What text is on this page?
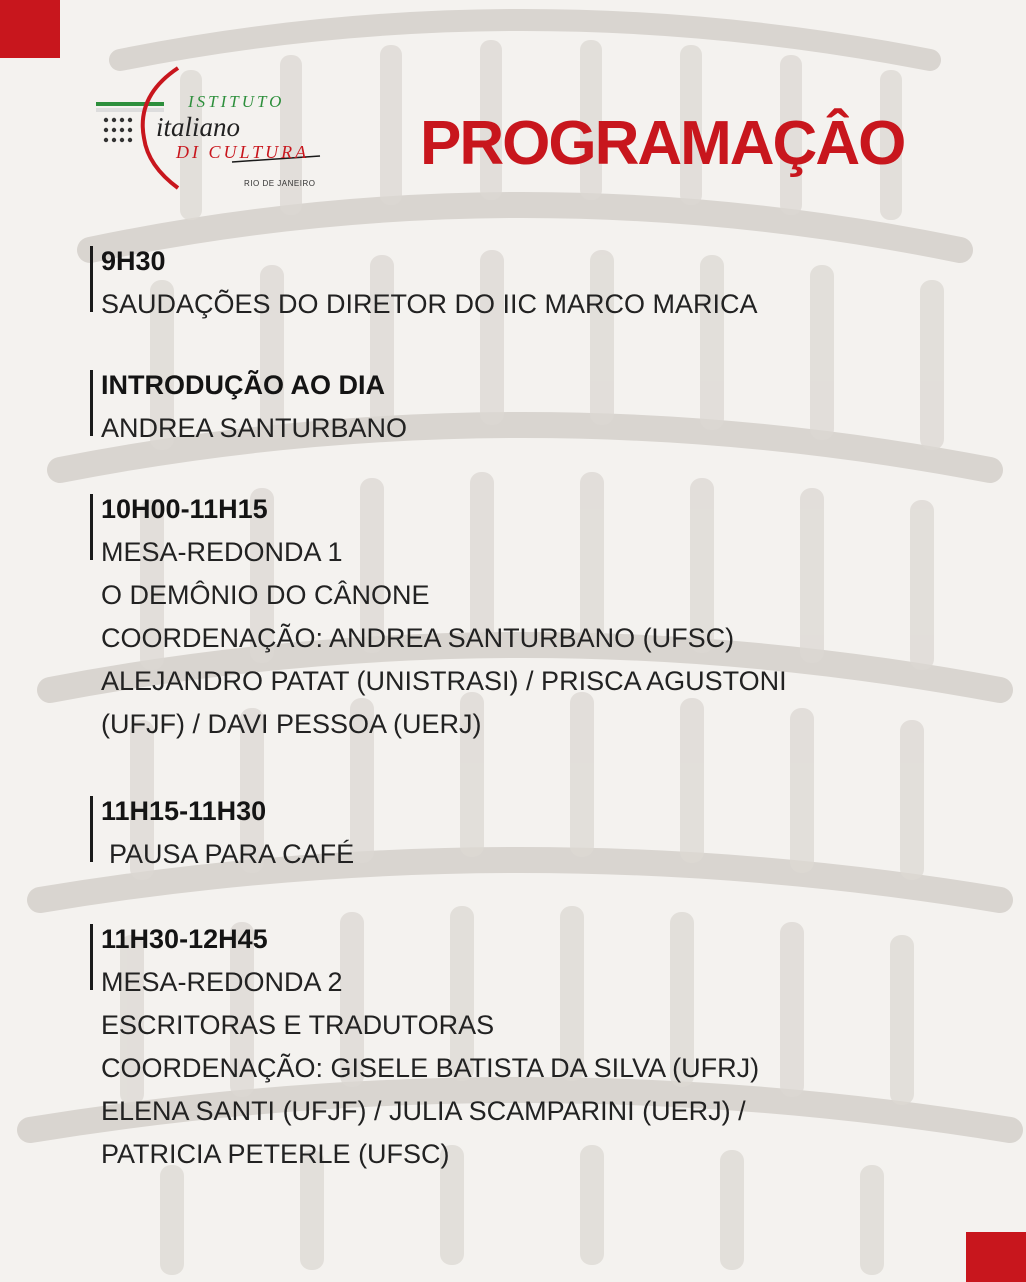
ISTITUTO
italiano
DI CULTURA
RIO DE JANEIRO
PROGRAMAÇÂO
9H30
SAUDAÇÕES DO DIRETOR DO IIC MARCO MARICA
INTRODUÇÃO AO DIA
ANDREA SANTURBANO
10H00-11H15
MESA-REDONDA 1
O DEMÔNIO DO CÂNONE
COORDENAÇÃO: ANDREA SANTURBANO (UFSC)
ALEJANDRO PATAT (UNISTRASI) / PRISCA AGUSTONI
(UFJF) / DAVI PESSOA (UERJ)
11H15-11H30
PAUSA PARA CAFÉ
11H30-12H45
MESA-REDONDA 2
ESCRITORAS E TRADUTORAS
COORDENAÇÃO: GISELE BATISTA DA SILVA (UFRJ)
ELENA SANTI (UFJF) / JULIA SCAMPARINI (UERJ) /
PATRICIA PETERLE (UFSC)
